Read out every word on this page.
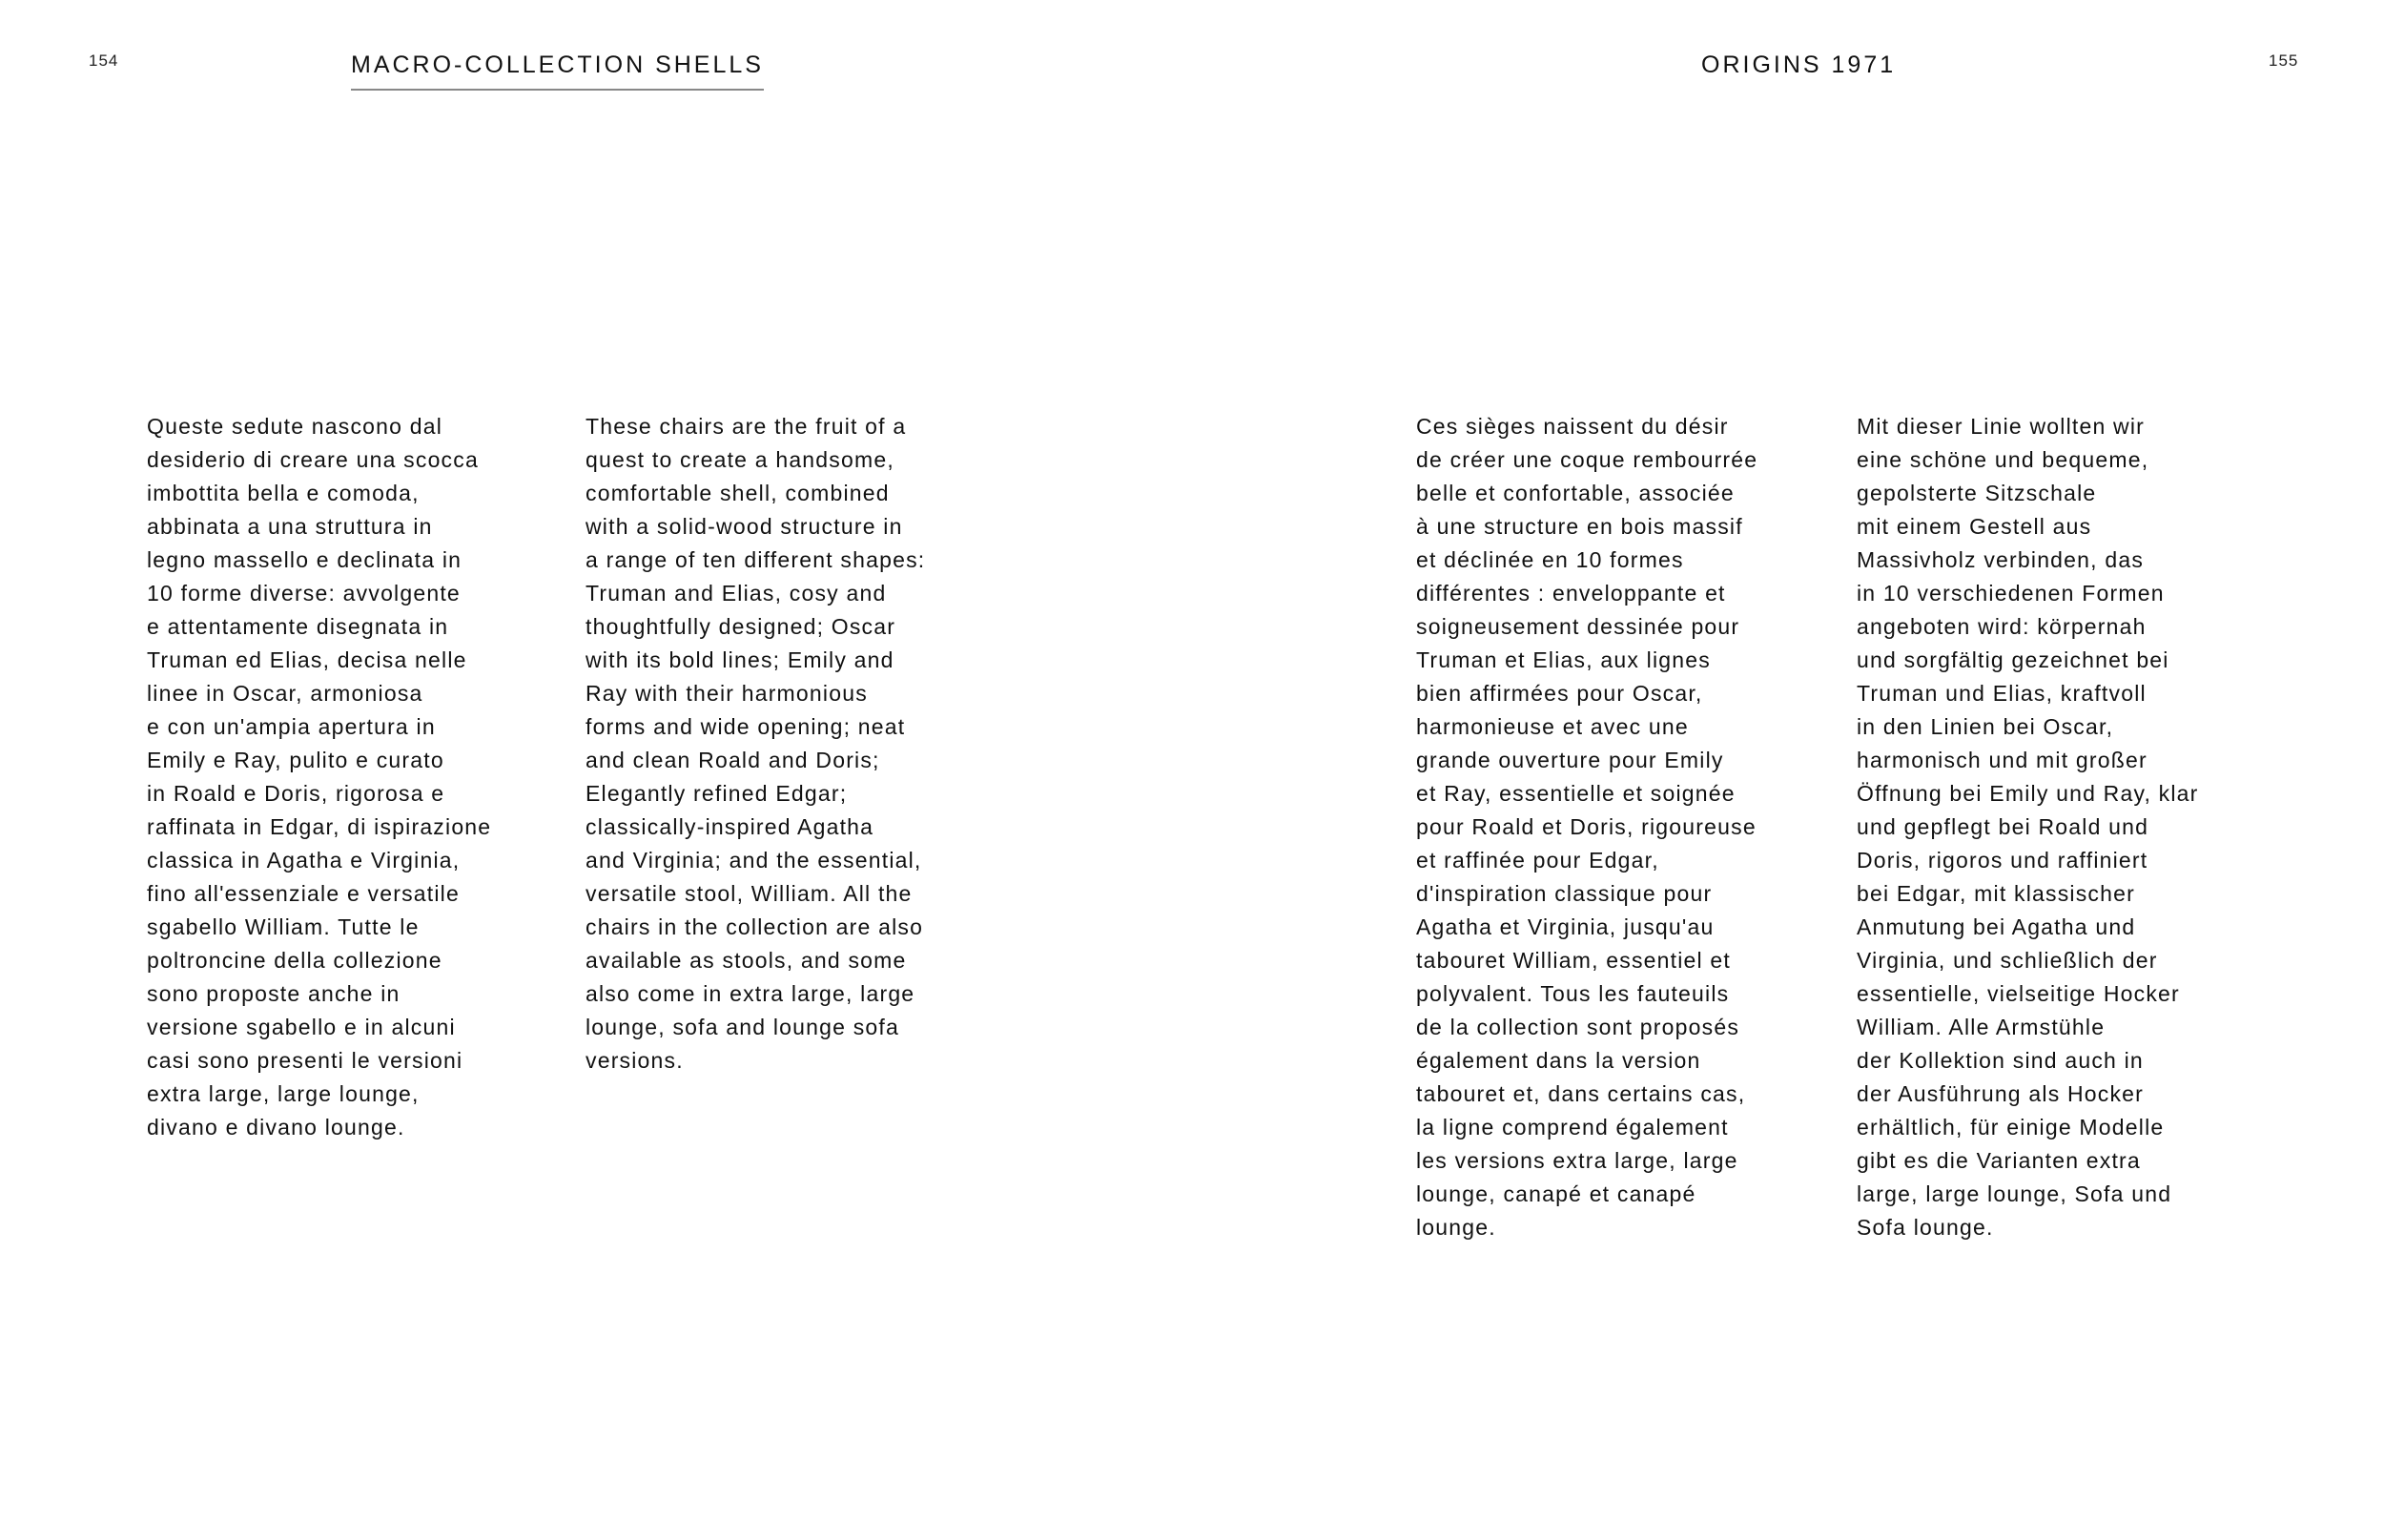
154	MACRO-COLLECTION SHELLS
Queste sedute nascono dal
desiderio di creare una scocca
imbottita bella e comoda,
abbinata a una struttura in
legno massello e declinata in
10 forme diverse: avvolgente
e attentamente disegnata in
Truman ed Elias, decisa nelle
linee in Oscar, armoniosa
e con un'ampia apertura in
Emily e Ray, pulito e curato
in Roald e Doris, rigorosa e
raffinata in Edgar, di ispirazione
classica in Agatha e Virginia,
fino all'essenziale e versatile
sgabello William. Tutte le
poltroncine della collezione
sono proposte anche in
versione sgabello e in alcuni
casi sono presenti le versioni
extra large, large lounge,
divano e divano lounge.
These chairs are the fruit of a
quest to create a handsome,
comfortable shell, combined
with a solid-wood structure in
a range of ten different shapes:
Truman and Elias, cosy and
thoughtfully designed; Oscar
with its bold lines; Emily and
Ray with their harmonious
forms and wide opening; neat
and clean Roald and Doris;
Elegantly refined Edgar;
classically-inspired Agatha
and Virginia; and the essential,
versatile stool, William. All the
chairs in the collection are also
available as stools, and some
also come in extra large, large
lounge, sofa and lounge sofa
versions.
ORIGINS 1971	155
Ces sièges naissent du désir
de créer une coque rembourrée
belle et confortable, associée
à une structure en bois massif
et déclinée en 10 formes
différentes : enveloppante et
soigneusement dessinée pour
Truman et Elias, aux lignes
bien affirmées pour Oscar,
harmonieuse et avec une
grande ouverture pour Emily
et Ray, essentielle et soignée
pour Roald et Doris, rigoureuse
et raffinée pour Edgar,
d'inspiration classique pour
Agatha et Virginia, jusqu'au
tabouret William, essentiel et
polyvalent. Tous les fauteuils
de la collection sont proposés
également dans la version
tabouret et, dans certains cas,
la ligne comprend également
les versions extra large, large
lounge, canapé et canapé
lounge.
Mit dieser Linie wollten wir
eine schöne und bequeme,
gepolsterte Sitzschale
mit einem Gestell aus
Massivholz verbinden, das
in 10 verschiedenen Formen
angeboten wird: körpernah
und sorgfältig gezeichnet bei
Truman und Elias, kraftvoll
in den Linien bei Oscar,
harmonisch und mit großer
Öffnung bei Emily und Ray, klar
und gepflegt bei Roald und
Doris, rigoros und raffiniert
bei Edgar, mit klassischer
Anmutung bei Agatha und
Virginia, und schließlich der
essentielle, vielseitige Hocker
William. Alle Armstühle
der Kollektion sind auch in
der Ausführung als Hocker
erhältlich, für einige Modelle
gibt es die Varianten extra
large, large lounge, Sofa und
Sofa lounge.
